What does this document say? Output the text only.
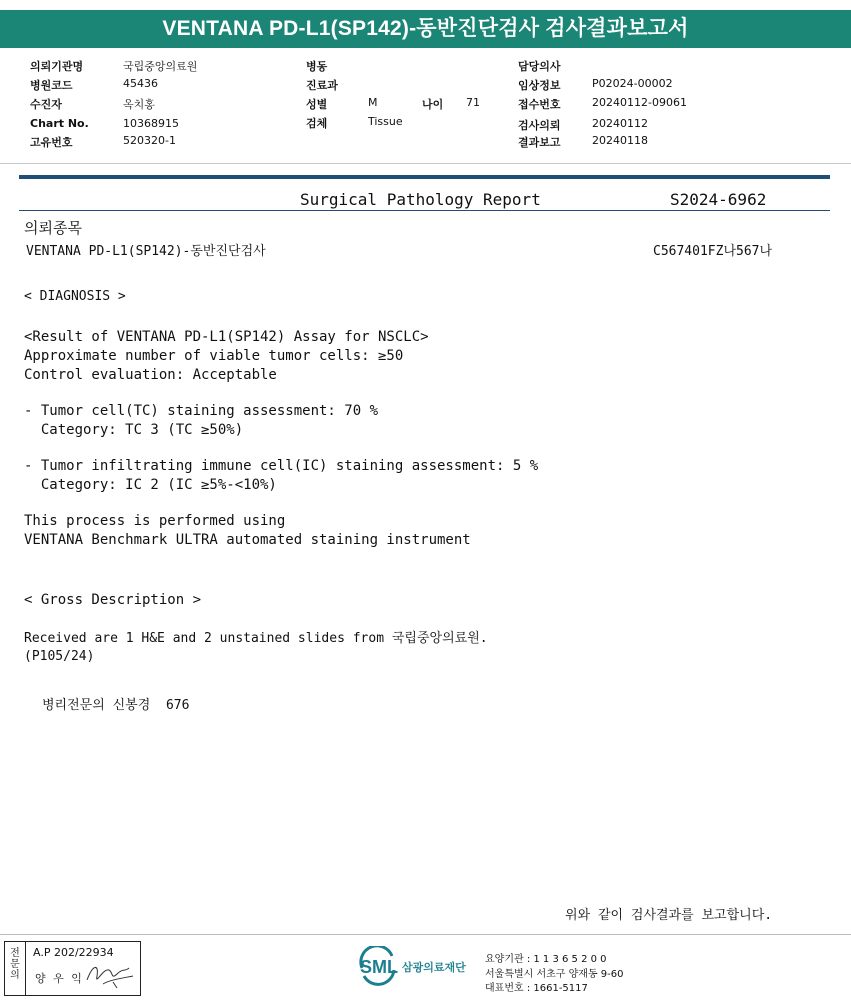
VENTANA PD-L1(SP142)-동반진단검사 검사결과보고서
의뢰기관명	국립중앙의료원
병원코드	45436
수진자	옥치홍
Chart No.	10368915
고유번호	520320-1
병동
진료과
성별	M	나이 71
검체	Tissue
담당의사
임상정보	P02024-00002
접수번호	20240112-09061
검사의뢰	20240112
결과보고	20240118
Surgical Pathology Report	S2024-6962
의뢰종목
VENTANA PD-L1(SP142)-동반진단검사	C567401FZ나567나
< DIAGNOSIS >
<Result of VENTANA PD-L1(SP142) Assay for NSCLC>
Approximate number of viable tumor cells: ≥50
Control evaluation: Acceptable
- Tumor cell(TC) staining assessment: 70 %
Category: TC 3 (TC ≥50%)
- Tumor infiltrating immune cell(IC) staining assessment: 5 %
Category: IC 2 (IC ≥5%-<10%)
This process is performed using
VENTANA Benchmark ULTRA automated staining instrument
< Gross Description >
Received are 1 H&E and 2 unstained slides from 국립중앙의료원.
(P105/24)
병리전문의 신봉경  676
위와 같이 검사결과를 보고합니다.
전문의
A.P 202/22934
양 우 익
SML 삼광의료재단
요양기관 : 1 1 3 6 5 2 0 0
서울특별시 서초구 양재동 9-60
대표번호 : 1661-5117
